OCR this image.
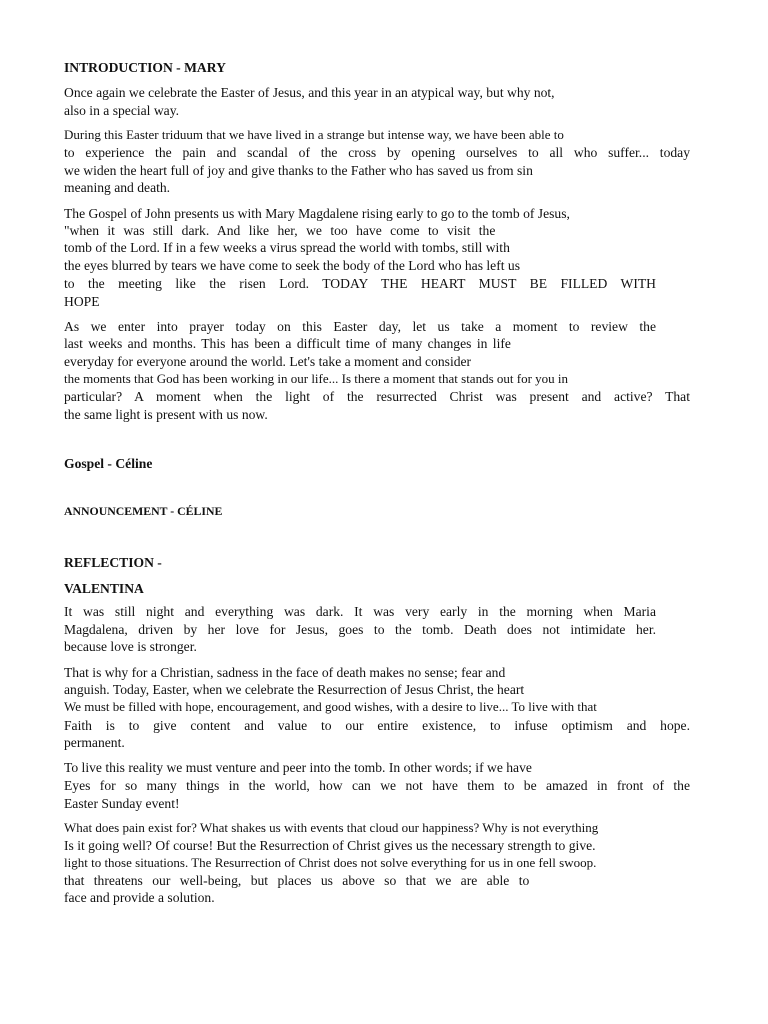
INTRODUCTION - MARY
Once again we celebrate the Easter of Jesus, and this year in an atypical way, but why not,
also in a special way.
During this Easter triduum that we have lived in a strange but intense way, we have been able to
to experience the pain and scandal of the cross by opening ourselves to all who suffer... today
we widen the heart full of joy and give thanks to the Father who has saved us from sin
meaning and death.
The Gospel of John presents us with Mary Magdalene rising early to go to the tomb of Jesus,
"when it was still dark. And like her, we too have come to visit the
tomb of the Lord. If in a few weeks a virus spread the world with tombs, still with
the eyes blurred by tears we have come to seek the body of the Lord who has left us
to the meeting like the risen Lord. TODAY THE HEART MUST BE FILLED WITH
HOPE
As we enter into prayer today on this Easter day, let us take a moment to review the
last weeks and months. This has been a difficult time of many changes in life
everyday for everyone around the world. Let's take a moment and consider
the moments that God has been working in our life... Is there a moment that stands out for you in
particular? A moment when the light of the resurrected Christ was present and active? That
the same light is present with us now.
Gospel - Céline
ANNOUNCEMENT - CÉLINE
REFLECTION -
VALENTINA
It was still night and everything was dark. It was very early in the morning when Maria
Magdalena, driven by her love for Jesus, goes to the tomb. Death does not intimidate her.
because love is stronger.
That is why for a Christian, sadness in the face of death makes no sense; fear and
anguish. Today, Easter, when we celebrate the Resurrection of Jesus Christ, the heart
We must be filled with hope, encouragement, and good wishes, with a desire to live... To live with that
Faith is to give content and value to our entire existence, to infuse optimism and hope.
permanent.
To live this reality we must venture and peer into the tomb. In other words; if we have
Eyes for so many things in the world, how can we not have them to be amazed in front of the
Easter Sunday event!
What does pain exist for? What shakes us with events that cloud our happiness? Why is not everything
Is it going well? Of course! But the Resurrection of Christ gives us the necessary strength to give.
light to those situations. The Resurrection of Christ does not solve everything for us in one fell swoop.
that threatens our well-being, but places us above so that we are able to
face and provide a solution.
